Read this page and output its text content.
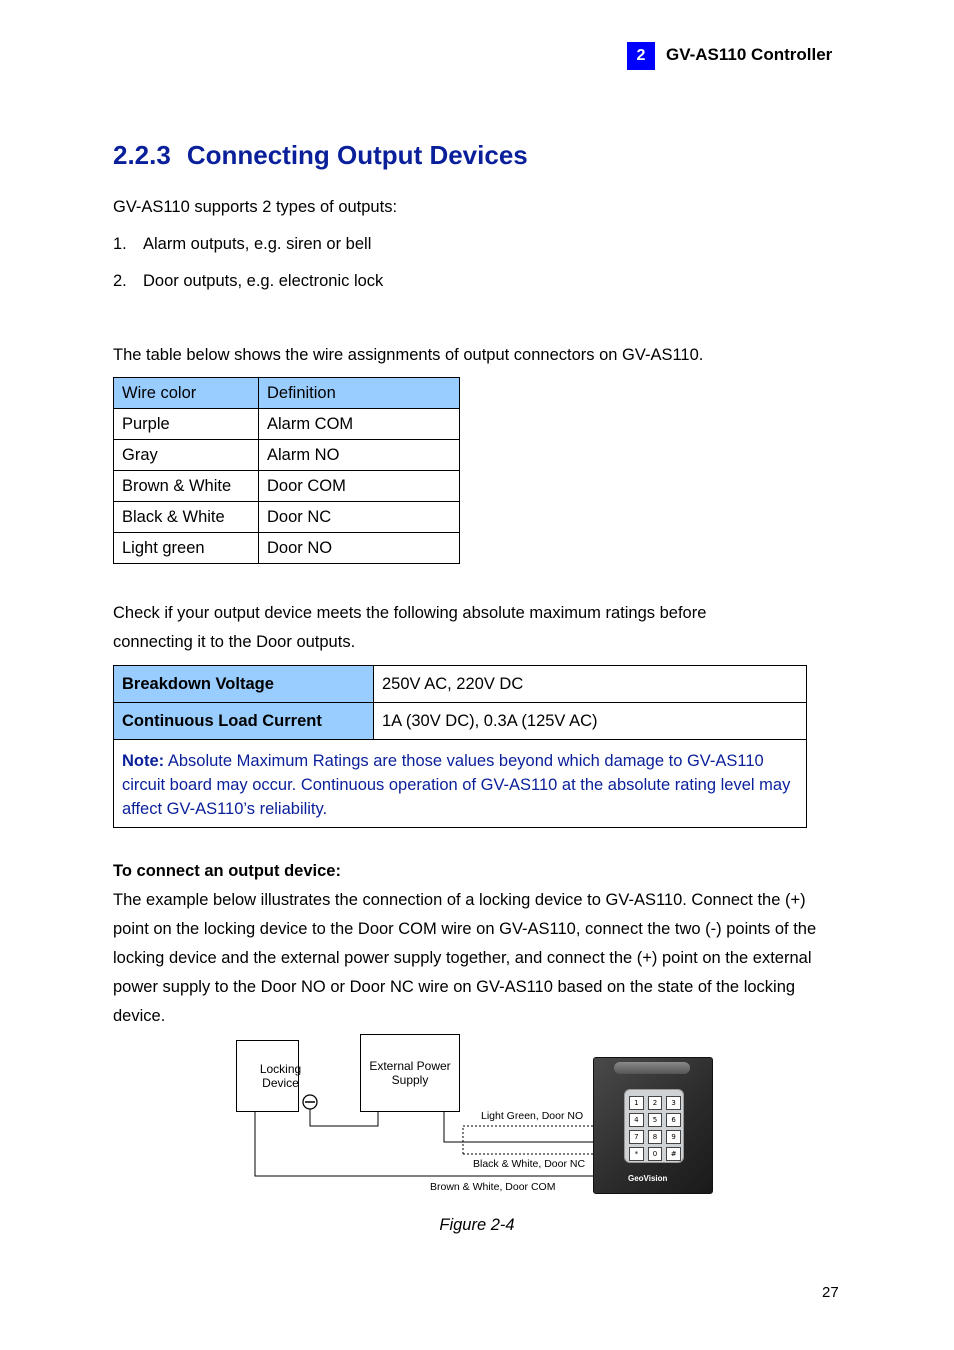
2	GV-AS110 Controller
2.2.3 Connecting Output Devices
GV-AS110 supports 2 types of outputs:
1. Alarm outputs, e.g. siren or bell
2. Door outputs, e.g. electronic lock
The table below shows the wire assignments of output connectors on GV-AS110.
Wire color	Definition
Purple	Alarm COM
Gray	Alarm NO
Brown & White	Door COM
Black & White	Door NC
Light green	Door NO
Check if your output device meets the following absolute maximum ratings before
connecting it to the Door outputs.
Breakdown Voltage	250V AC, 220V DC
Continuous Load Current	1A (30V DC), 0.3A (125V AC)
Note: Absolute Maximum Ratings are those values beyond which damage to GV-AS110 circuit board may occur. Continuous operation of GV-AS110 at the absolute rating level may affect GV-AS110’s reliability.	
To connect an output device:
The example below illustrates the connection of a locking device to GV-AS110. Connect the (+) point on the locking device to the Door COM wire on GV-AS110, connect the two (-) points of the locking device and the external power supply together, and connect the (+) point on the external power supply to the Door NO or Door NC wire on GV-AS110 based on the state of the locking device.
Locking
Device
External Power
Supply
Light Green, Door NO
Black & White, Door NC
Brown & White, Door COM
1	2	3
4	5	6
7	8	9
*	0	#
GeoVision
Figure 2-4
27
